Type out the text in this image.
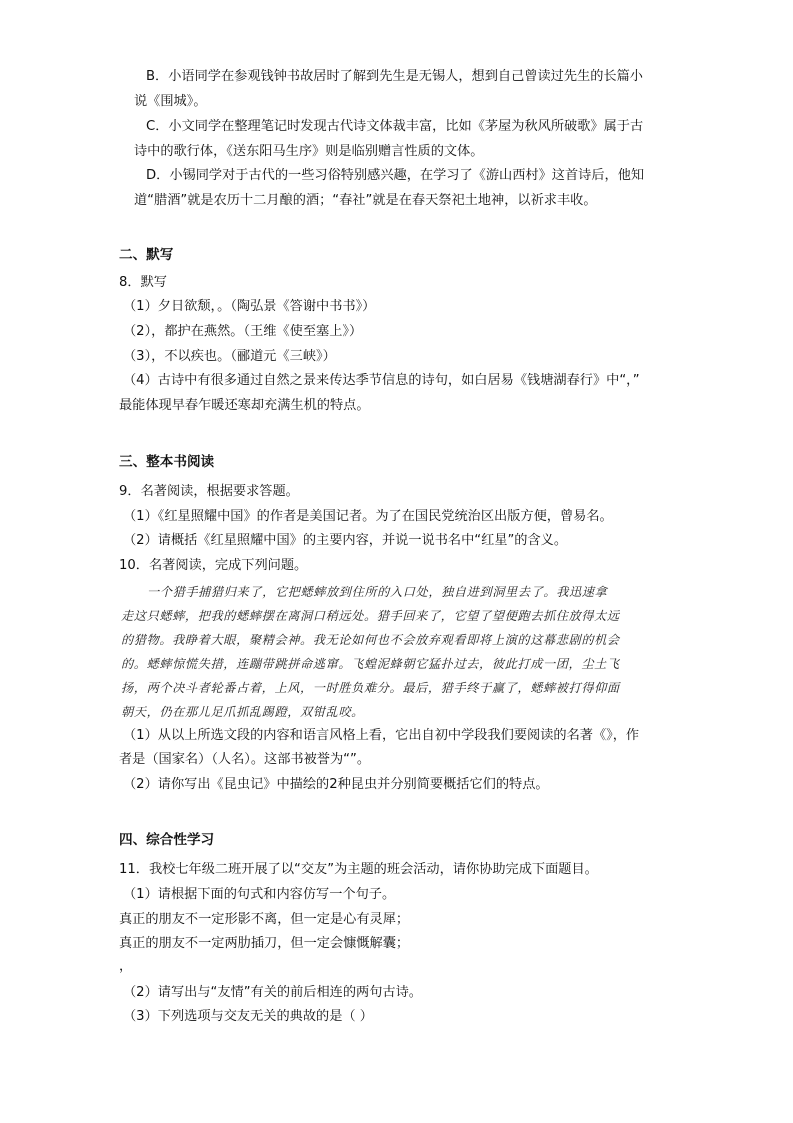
B．小语同学在参观钱钟书故居时了解到先生是无锡人，想到自己曾读过先生的长篇小
说《围城》。
C．小文同学在整理笔记时发现古代诗文体裁丰富，比如《茅屋为秋风所破歌》属于古
诗中的歌行体，《送东阳马生序》则是临别赠言性质的文体。
D．小锡同学对于古代的一些习俗特别感兴趣，在学习了《游山西村》这首诗后，他知
道“腊酒”就是农历十二月酿的酒；“春社”就是在春天祭祀土地神，以祈求丰收。
二、默写
8．默写
（1）夕日欲颓，。（陶弘景《答谢中书书》）
（2），都护在燕然。（王维《使至塞上》）
（3），不以疾也。（郦道元《三峡》）
（4）古诗中有很多通过自然之景来传达季节信息的诗句，如白居易《钱塘湖春行》中“，”
最能体现早春乍暖还寒却充满生机的特点。
三、整本书阅读
9．名著阅读，根据要求答题。
（1）《红星照耀中国》的作者是美国记者。为了在国民党统治区出版方便，曾易名。
（2）请概括《红星照耀中国》的主要内容，并说一说书名中“红星”的含义。
10．名著阅读，完成下列问题。
一个猎手捕猎归来了，它把蟋蟀放到住所的入口处，独自进到洞里去了。我迅速拿
走这只蟋蟀，把我的蟋蟀摆在离洞口稍远处。猎手回来了，它望了望便跑去抓住放得太远
的猎物。我睁着大眼，聚精会神。我无论如何也不会放弃观看即将上演的这幕悲剧的机会
的。蟋蟀惊慌失措，连蹦带跳拼命逃窜。飞蝗泥蜂朝它猛扑过去，彼此打成一团，尘土飞
扬，两个决斗者轮番占着，上风，一时胜负难分。最后，猎手终于赢了，蟋蟀被打得仰面
朝天，仍在那儿足爪抓乱踢蹬，双钳乱咬。
（1）从以上所选文段的内容和语言风格上看，它出自初中学段我们要阅读的名著《》，作
者是（国家名）（人名）。这部书被誉为“”。
（2）请你写出《昆虫记》中描绘的2种昆虫并分别简要概括它们的特点。
四、综合性学习
11．我校七年级二班开展了以“交友”为主题的班会活动，请你协助完成下面题目。
（1）请根据下面的句式和内容仿写一个句子。
真正的朋友不一定形影不离，但一定是心有灵犀；
真正的朋友不一定两肋插刀，但一定会慷慨解囊；
，
（2）请写出与“友情”有关的前后相连的两句古诗。
（3）下列选项与交友无关的典故的是（ ）
